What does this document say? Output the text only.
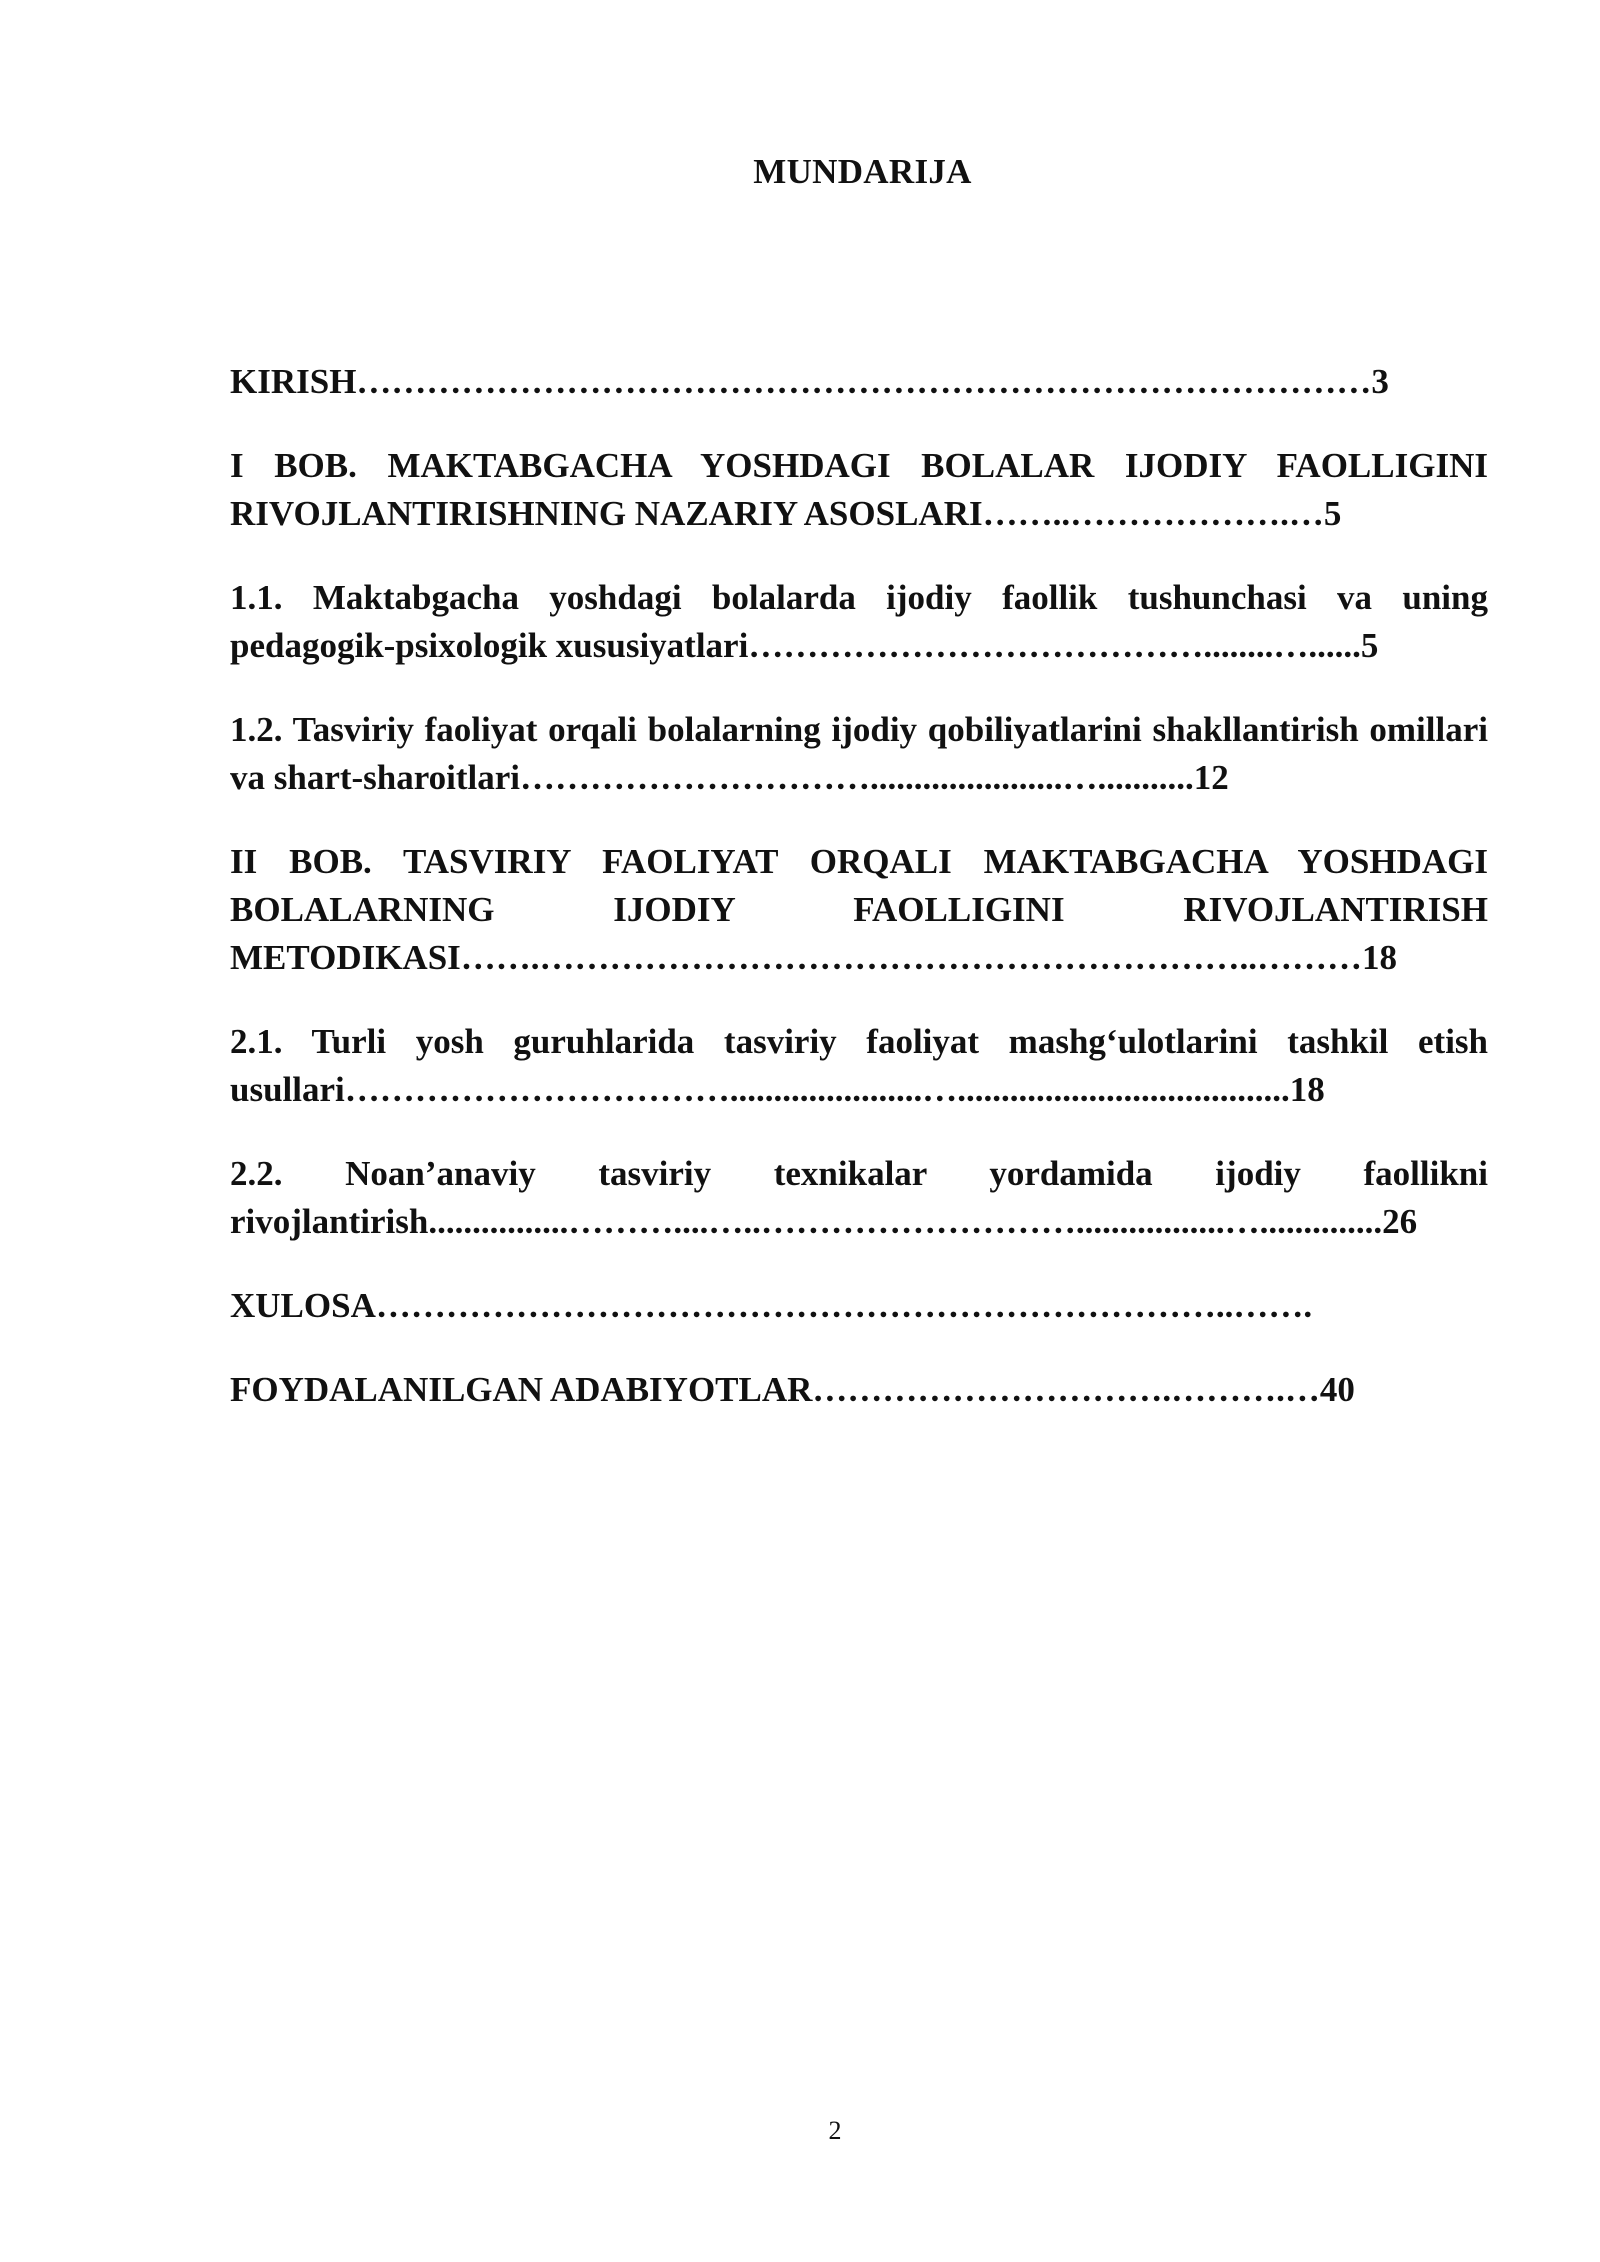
MUNDARIJA
KIRISH……………………………………………………………………………3
I BOB. MAKTABGACHA YOSHDAGI BOLALAR IJODIY FAOLLIGINI RIVOJLANTIRISHNING NAZARIY ASOSLARI……..……………….…5
1.1. Maktabgacha yoshdagi bolalarda ijodiy faollik tushunchasi va uning pedagogik-psixologik xususiyatlari…………………………………........…......5
1.2. Tasviriy faoliyat orqali bolalarning ijodiy qobiliyatlarini shakllantirish omillari va shart-sharoitlari…………………………......................…...........12
II BOB. TASVIRIY FAOLIYAT ORQALI MAKTABGACHA YOSHDAGI BOLALARNING IJODIY FAOLLIGINI RIVOJLANTIRISH
METODIKASI…….……………………………………………………..………18
2.1. Turli yosh guruhlarida tasviriy faoliyat mashg‘ulotlarini tashkil etish usullari……………………………......................…......................................18
2.2. Noan’anaviy tasviriy texnikalar yordamida ijodiy faollikni rivojlantirish................………....…..……………………….................…..............26
XULOSA………………………………………………………………..…….
FOYDALANILGAN ADABIYOTLAR………………………….……….…40
2
